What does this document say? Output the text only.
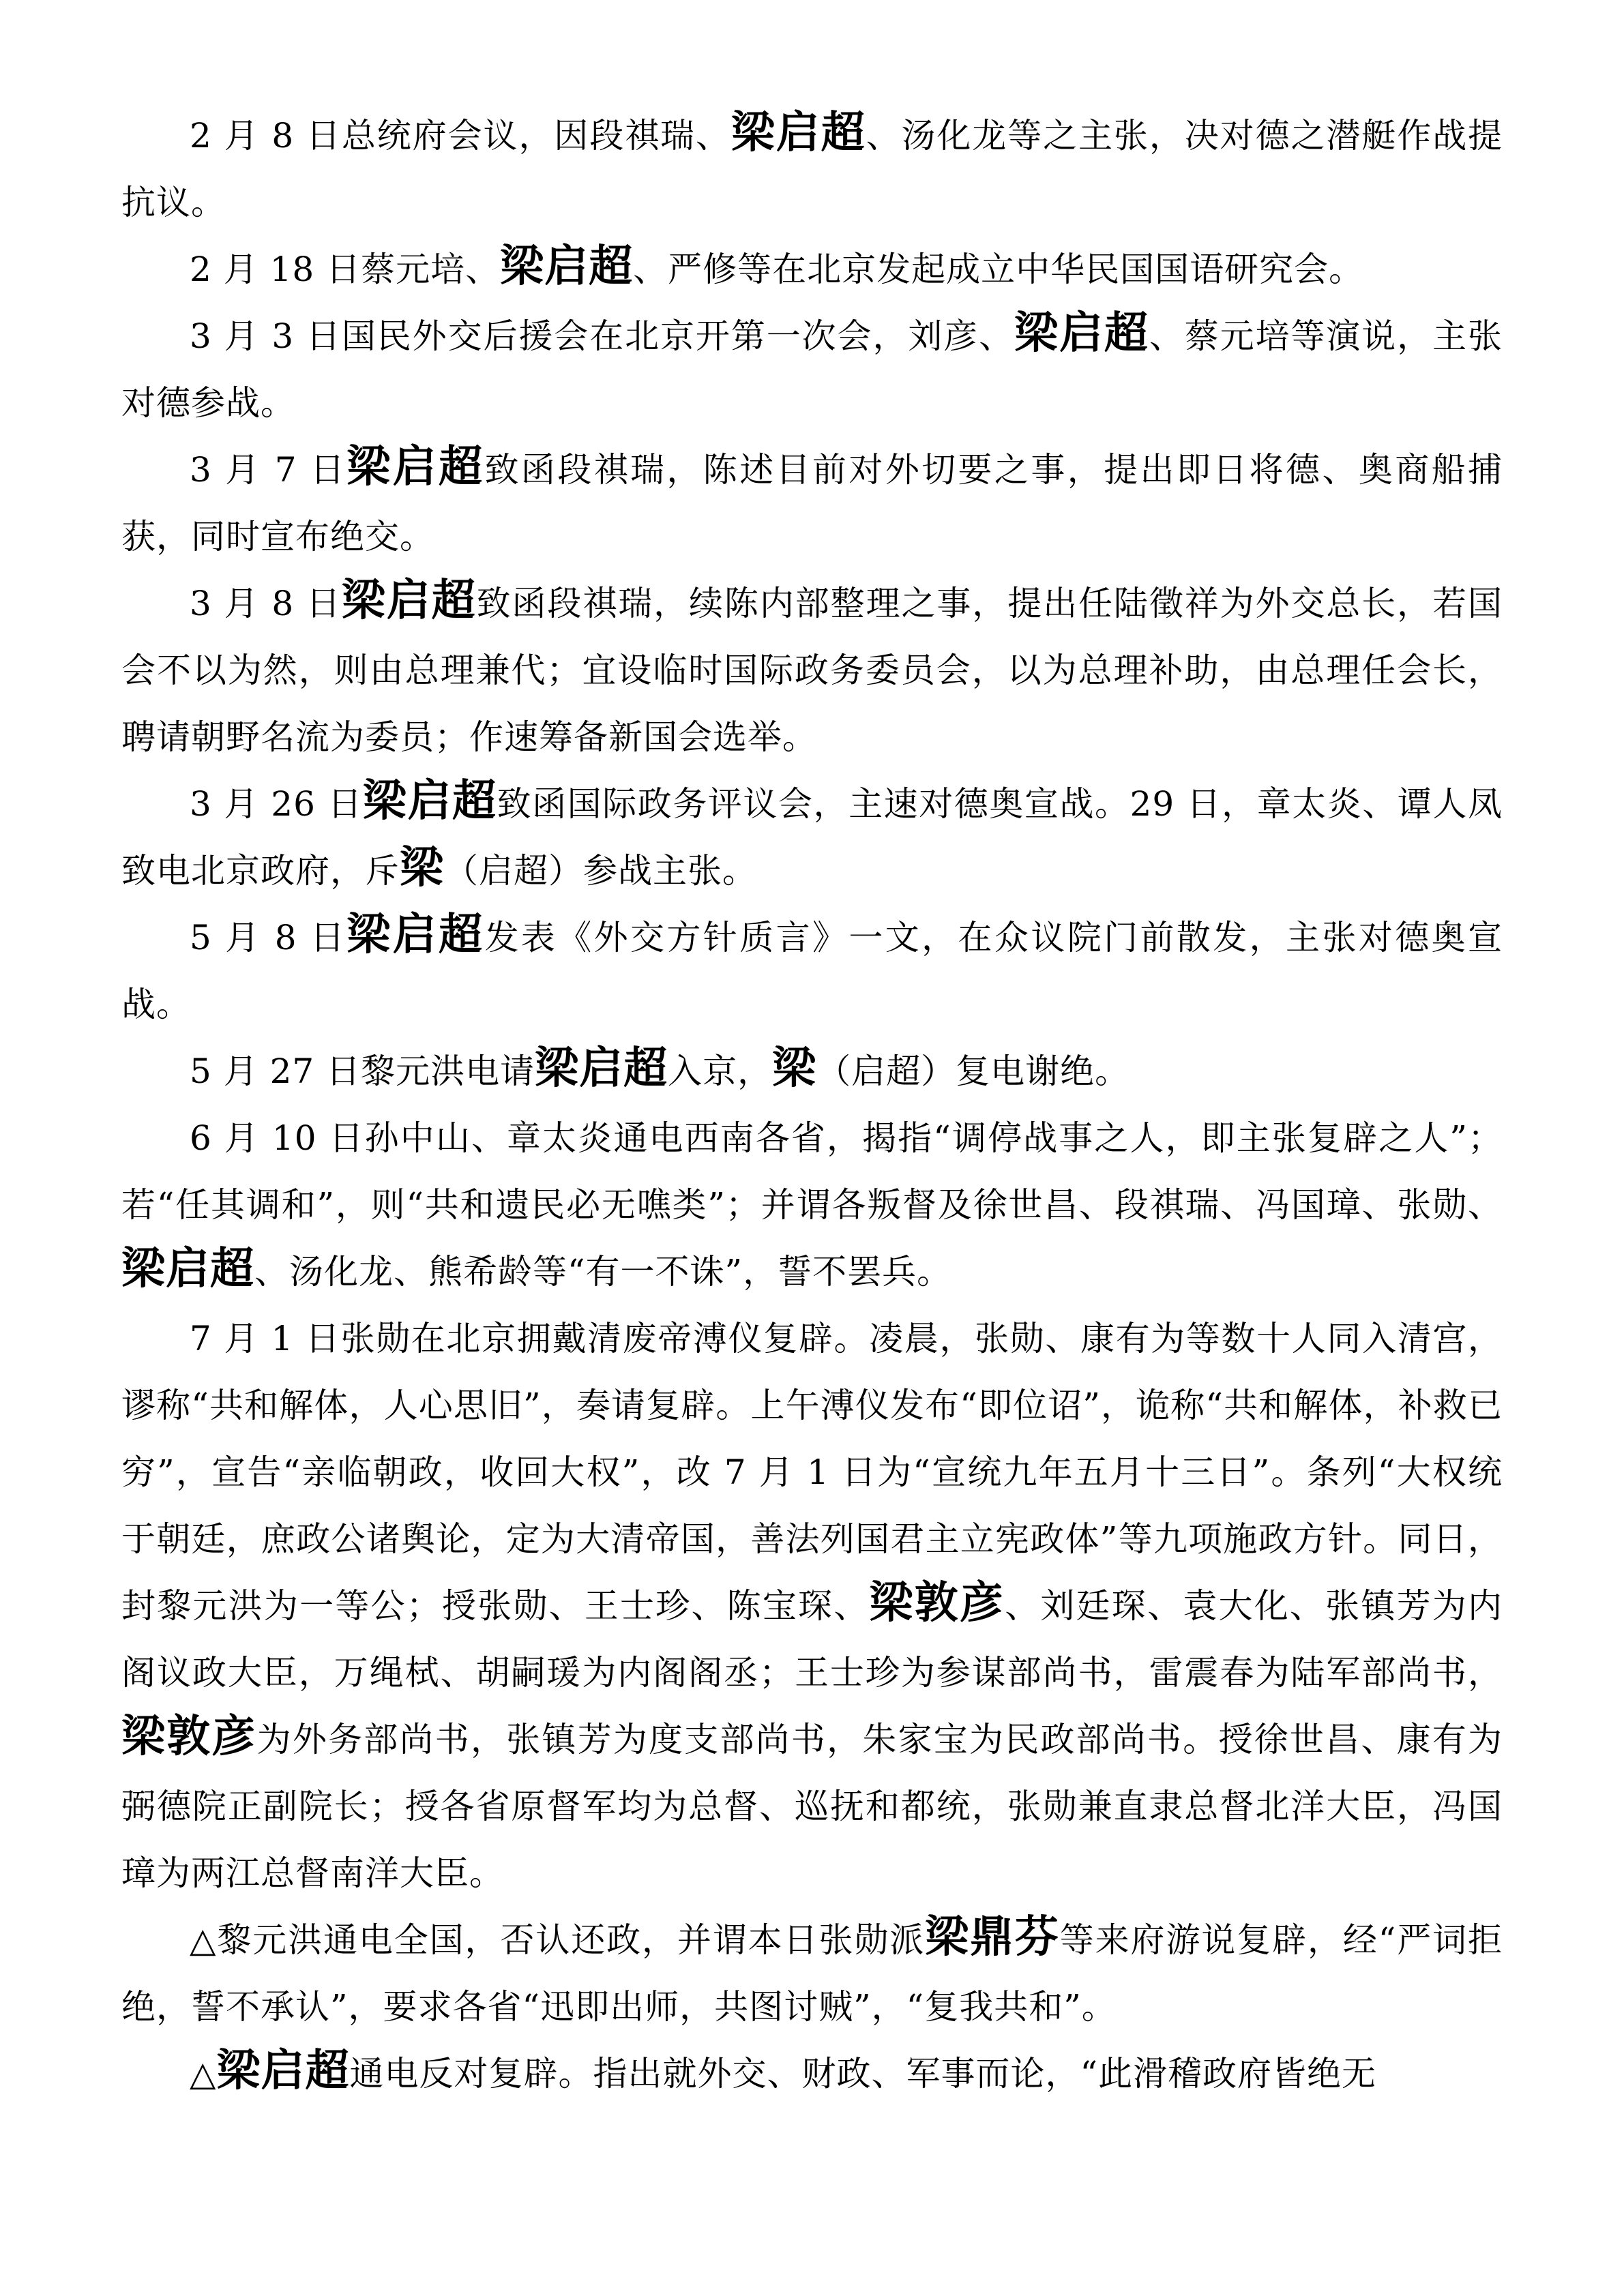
2 月 8 日总统府会议，因段祺瑞、梁启超、汤化龙等之主张，决对德之潜艇作战提抗议。

2 月 18 日蔡元培、梁启超、严修等在北京发起成立中华民国国语研究会。

3 月 3 日国民外交后援会在北京开第一次会，刘彦、梁启超、蔡元培等演说，主张对德参战。

3 月 7 日梁启超致函段祺瑞，陈述目前对外切要之事，提出即日将德、奥商船捕获，同时宣布绝交。

3 月 8 日梁启超致函段祺瑞，续陈内部整理之事，提出任陆徵祥为外交总长，若国会不以为然，则由总理兼代；宜设临时国际政务委员会，以为总理补助，由总理任会长，聘请朝野名流为委员；作速筹备新国会选举。

3 月 26 日梁启超致函国际政务评议会，主速对德奥宣战。29 日，章太炎、谭人凤致电北京政府，斥梁（启超）参战主张。

5 月 8 日梁启超发表《外交方针质言》一文，在众议院门前散发，主张对德奥宣战。

5 月 27 日黎元洪电请梁启超入京，梁（启超）复电谢绝。

6 月 10 日孙中山、章太炎通电西南各省，揭指“调停战事之人，即主张复辟之人”；若“任其调和”，则“共和遗民必无噍类”；并谓各叛督及徐世昌、段祺瑞、冯国璋、张勋、梁启超、汤化龙、熊希龄等“有一不诛”，誓不罢兵。

7 月 1 日张勋在北京拥戴清废帝溥仪复辟。凌晨，张勋、康有为等数十人同入清宫，谬称“共和解体，人心思旧”，奏请复辟。上午溥仪发布“即位诏”，诡称“共和解体，补救已穷”，宣告“亲临朝政，收回大权”，改 7 月 1 日为“宣统九年五月十三日”。条列“大权统于朝廷，庶政公诸舆论，定为大清帝国，善法列国君主立宪政体”等九项施政方针。同日，封黎元洪为一等公；授张勋、王士珍、陈宝琛、梁敦彦、刘廷琛、袁大化、张镇芳为内阁议政大臣，万绳栻、胡嗣瑗为内阁阁丞；王士珍为参谋部尚书，雷震春为陆军部尚书，梁敦彦为外务部尚书，张镇芳为度支部尚书，朱家宝为民政部尚书。授徐世昌、康有为弼德院正副院长；授各省原督军均为总督、巡抚和都统，张勋兼直隶总督北洋大臣，冯国璋为两江总督南洋大臣。

△黎元洪通电全国，否认还政，并谓本日张勋派梁鼎芬等来府游说复辟，经“严词拒绝，誓不承认”，要求各省“迅即出师，共图讨贼”，“复我共和”。

△梁启超通电反对复辟。指出就外交、财政、军事而论，“此滑稽政府皆绝无
